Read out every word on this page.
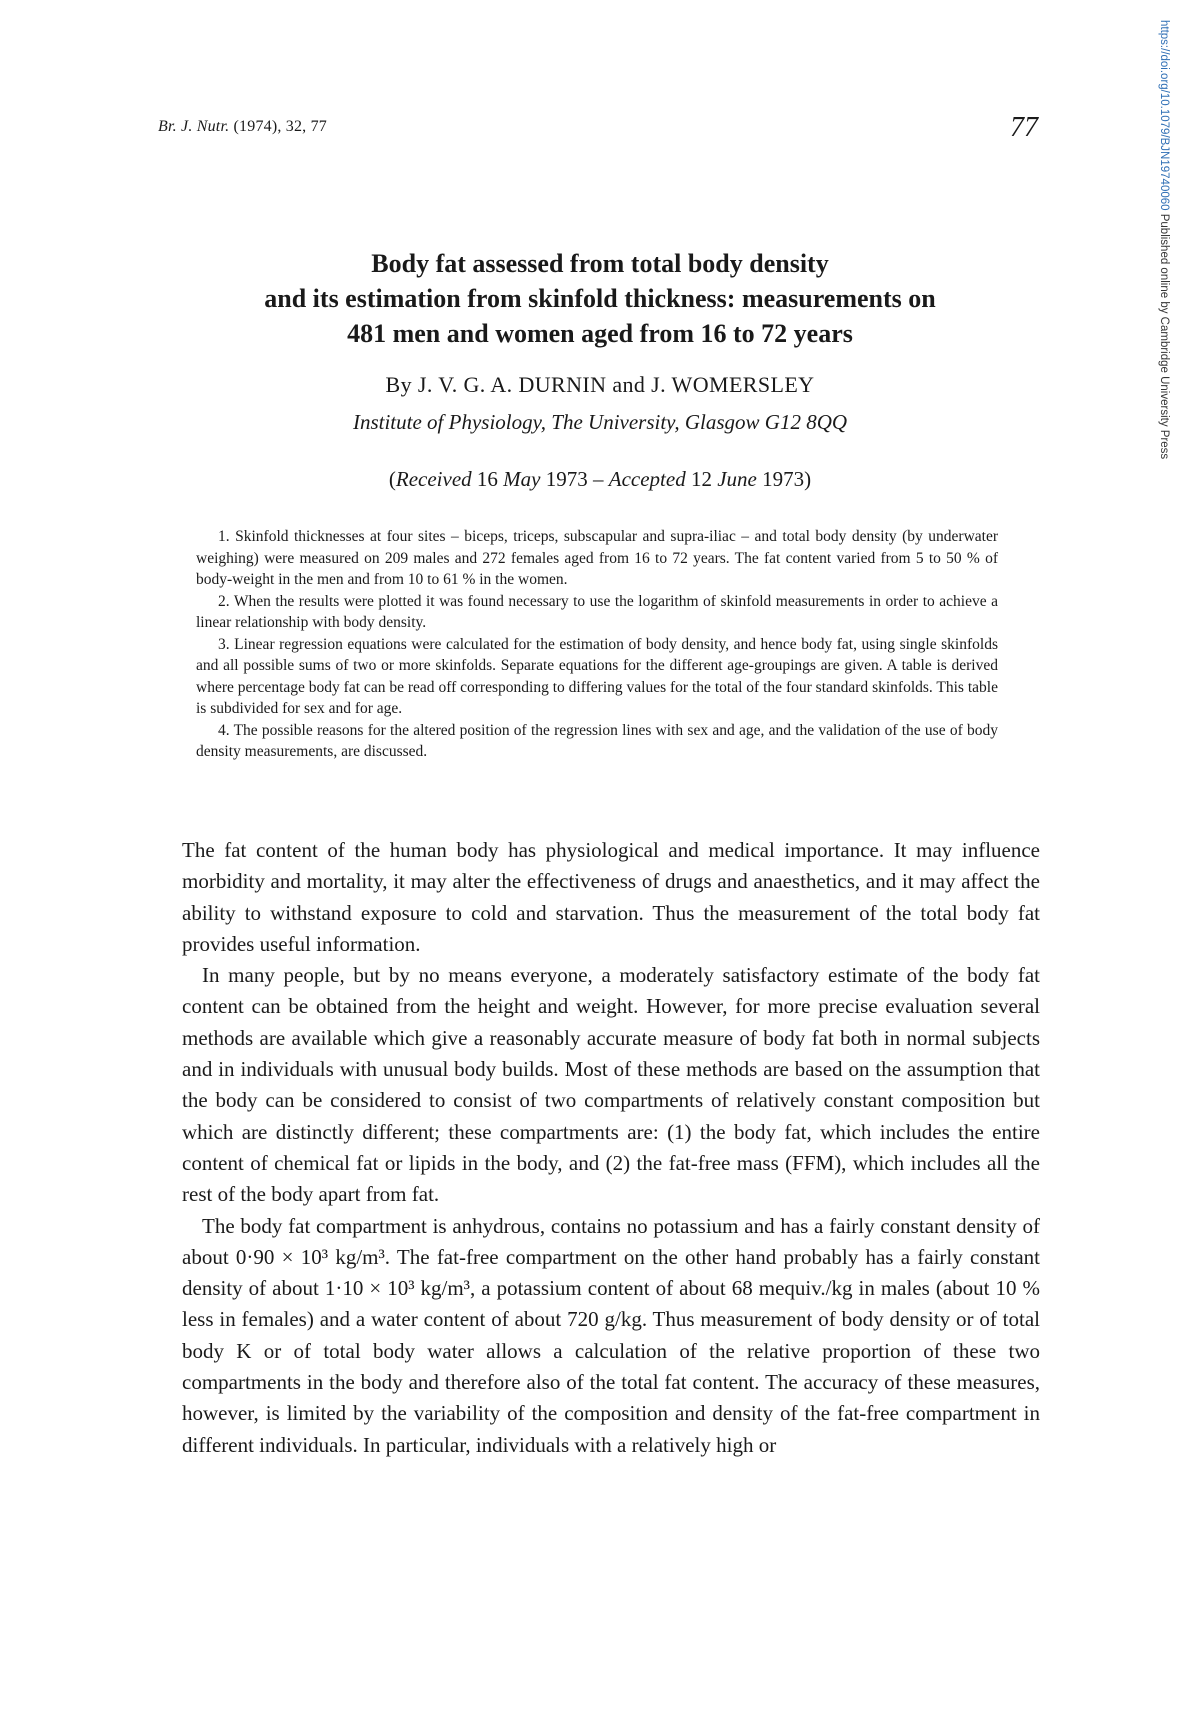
Br. J. Nutr. (1974), 32, 77	77	https://doi.org/10.1079/BJN19740060 Published online by Cambridge University Press
Body fat assessed from total body density
and its estimation from skinfold thickness: measurements on
481 men and women aged from 16 to 72 years
By J. V. G. A. DURNIN and J. WOMERSLEY
Institute of Physiology, The University, Glasgow G12 8QQ
(Received 16 May 1973 – Accepted 12 June 1973)

1. Skinfold thicknesses at four sites – biceps, triceps, subscapular and supra-iliac – and total body density (by underwater weighing) were measured on 209 males and 272 females aged from 16 to 72 years. The fat content varied from 5 to 50 % of body-weight in the men and from 10 to 61 % in the women.

2. When the results were plotted it was found necessary to use the logarithm of skinfold measurements in order to achieve a linear relationship with body density.

3. Linear regression equations were calculated for the estimation of body density, and hence body fat, using single skinfolds and all possible sums of two or more skinfolds. Separate equations for the different age-groupings are given. A table is derived where percentage body fat can be read off corresponding to differing values for the total of the four standard skinfolds. This table is subdivided for sex and for age.

4. The possible reasons for the altered position of the regression lines with sex and age, and the validation of the use of body density measurements, are discussed.

The fat content of the human body has physiological and medical importance. It may influence morbidity and mortality, it may alter the effectiveness of drugs and anaesthetics, and it may affect the ability to withstand exposure to cold and starvation. Thus the measurement of the total body fat provides useful information.

In many people, but by no means everyone, a moderately satisfactory estimate of the body fat content can be obtained from the height and weight. However, for more precise evaluation several methods are available which give a reasonably accurate measure of body fat both in normal subjects and in individuals with unusual body builds. Most of these methods are based on the assumption that the body can be considered to consist of two compartments of relatively constant composition but which are distinctly different; these compartments are: (1) the body fat, which includes the entire content of chemical fat or lipids in the body, and (2) the fat-free mass (FFM), which includes all the rest of the body apart from fat.

The body fat compartment is anhydrous, contains no potassium and has a fairly constant density of about 0·90 × 10³ kg/m³. The fat-free compartment on the other hand probably has a fairly constant density of about 1·10 × 10³ kg/m³, a potassium content of about 68 mequiv./kg in males (about 10 % less in females) and a water content of about 720 g/kg. Thus measurement of body density or of total body K or of total body water allows a calculation of the relative proportion of these two compartments in the body and therefore also of the total fat content. The accuracy of these measures, however, is limited by the variability of the composition and density of the fat-free compartment in different individuals. In particular, individuals with a relatively high or
